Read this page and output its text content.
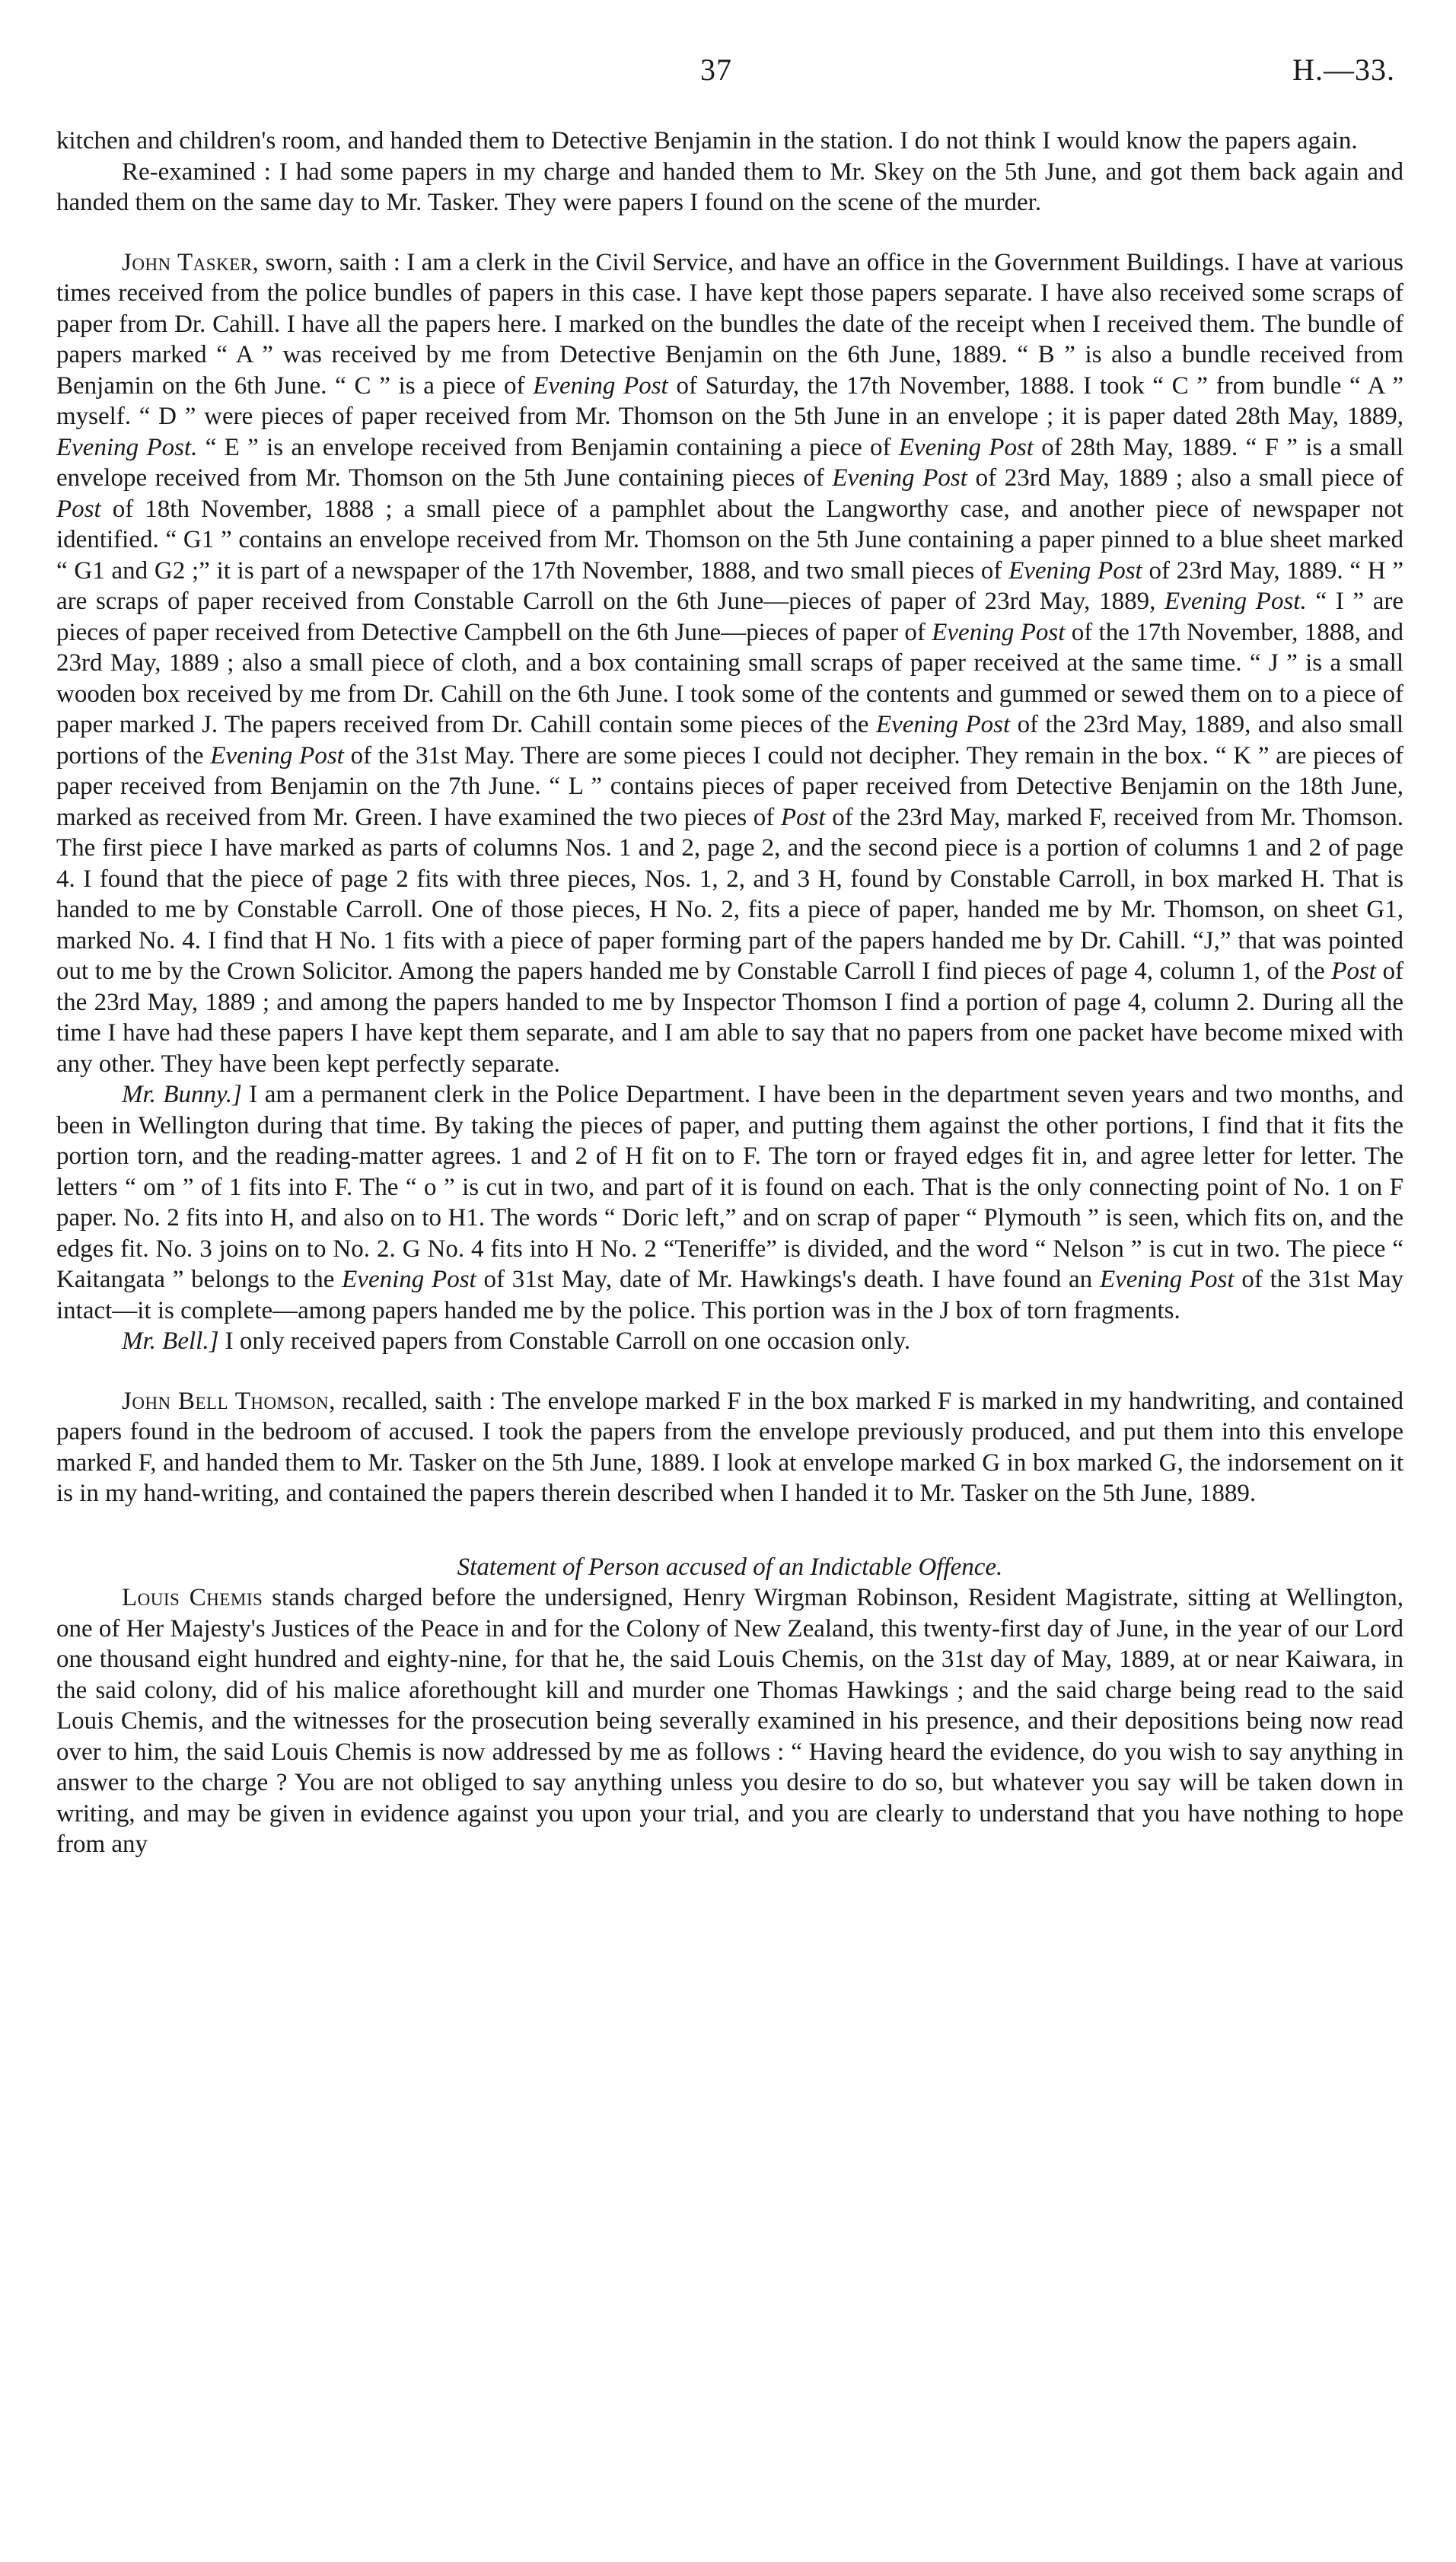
37	H.—33.

kitchen and children's room, and handed them to Detective Benjamin in the station. I do not think I would know the papers again.

Re-examined : I had some papers in my charge and handed them to Mr. Skey on the 5th June, and got them back again and handed them on the same day to Mr. Tasker. They were papers I found on the scene of the murder.

John Tasker, sworn, saith : I am a clerk in the Civil Service, and have an office in the Government Buildings. I have at various times received from the police bundles of papers in this case. I have kept those papers separate. I have also received some scraps of paper from Dr. Cahill. I have all the papers here. I marked on the bundles the date of the receipt when I received them. The bundle of papers marked “ A ” was received by me from Detective Benjamin on the 6th June, 1889. “ B ” is also a bundle received from Benjamin on the 6th June. “ C ” is a piece of Evening Post of Saturday, the 17th November, 1888. I took “ C ” from bundle “ A ” myself. “ D ” were pieces of paper received from Mr. Thomson on the 5th June in an envelope ; it is paper dated 28th May, 1889, Evening Post. “ E ” is an envelope received from Benjamin containing a piece of Evening Post of 28th May, 1889. “ F ” is a small envelope received from Mr. Thomson on the 5th June containing pieces of Evening Post of 23rd May, 1889 ; also a small piece of Post of 18th November, 1888 ; a small piece of a pamphlet about the Langworthy case, and another piece of newspaper not identified. “ G1 ” contains an envelope received from Mr. Thomson on the 5th June containing a paper pinned to a blue sheet marked “ G1 and G2 ;” it is part of a newspaper of the 17th November, 1888, and two small pieces of Evening Post of 23rd May, 1889. “ H ” are scraps of paper received from Constable Carroll on the 6th June—pieces of paper of 23rd May, 1889, Evening Post. “ I ” are pieces of paper received from Detective Campbell on the 6th June—pieces of paper of Evening Post of the 17th November, 1888, and 23rd May, 1889 ; also a small piece of cloth, and a box containing small scraps of paper received at the same time. “ J ” is a small wooden box received by me from Dr. Cahill on the 6th June. I took some of the contents and gummed or sewed them on to a piece of paper marked J. The papers received from Dr. Cahill contain some pieces of the Evening Post of the 23rd May, 1889, and also small portions of the Evening Post of the 31st May. There are some pieces I could not decipher. They remain in the box. “ K ” are pieces of paper received from Benjamin on the 7th June. “ L ” contains pieces of paper received from Detective Benjamin on the 18th June, marked as received from Mr. Green. I have examined the two pieces of Post of the 23rd May, marked F, received from Mr. Thomson. The first piece I have marked as parts of columns Nos. 1 and 2, page 2, and the second piece is a portion of columns 1 and 2 of page 4. I found that the piece of page 2 fits with three pieces, Nos. 1, 2, and 3 H, found by Constable Carroll, in box marked H. That is handed to me by Constable Carroll. One of those pieces, H No. 2, fits a piece of paper, handed me by Mr. Thomson, on sheet G1, marked No. 4. I find that H No. 1 fits with a piece of paper forming part of the papers handed me by Dr. Cahill. “J,” that was pointed out to me by the Crown Solicitor. Among the papers handed me by Constable Carroll I find pieces of page 4, column 1, of the Post of the 23rd May, 1889 ; and among the papers handed to me by Inspector Thomson I find a portion of page 4, column 2. During all the time I have had these papers I have kept them separate, and I am able to say that no papers from one packet have become mixed with any other. They have been kept perfectly separate.

Mr. Bunny.] I am a permanent clerk in the Police Department. I have been in the department seven years and two months, and been in Wellington during that time. By taking the pieces of paper, and putting them against the other portions, I find that it fits the portion torn, and the reading-matter agrees. 1 and 2 of H fit on to F. The torn or frayed edges fit in, and agree letter for letter. The letters “ om ” of 1 fits into F. The “ o ” is cut in two, and part of it is found on each. That is the only connecting point of No. 1 on F paper. No. 2 fits into H, and also on to H1. The words “ Doric left,” and on scrap of paper “ Plymouth ” is seen, which fits on, and the edges fit. No. 3 joins on to No. 2. G No. 4 fits into H No. 2 “Teneriffe” is divided, and the word “ Nelson ” is cut in two. The piece “ Kaitangata ” belongs to the Evening Post of 31st May, date of Mr. Hawkings's death. I have found an Evening Post of the 31st May intact—it is complete—among papers handed me by the police. This portion was in the J box of torn fragments.

Mr. Bell.] I only received papers from Constable Carroll on one occasion only.

John Bell Thomson, recalled, saith : The envelope marked F in the box marked F is marked in my handwriting, and contained papers found in the bedroom of accused. I took the papers from the envelope previously produced, and put them into this envelope marked F, and handed them to Mr. Tasker on the 5th June, 1889. I look at envelope marked G in box marked G, the indorsement on it is in my hand-writing, and contained the papers therein described when I handed it to Mr. Tasker on the 5th June, 1889.

Statement of Person accused of an Indictable Offence.

Louis Chemis stands charged before the undersigned, Henry Wirgman Robinson, Resident Magistrate, sitting at Wellington, one of Her Majesty's Justices of the Peace in and for the Colony of New Zealand, this twenty-first day of June, in the year of our Lord one thousand eight hundred and eighty-nine, for that he, the said Louis Chemis, on the 31st day of May, 1889, at or near Kaiwara, in the said colony, did of his malice aforethought kill and murder one Thomas Hawkings ; and the said charge being read to the said Louis Chemis, and the witnesses for the prosecution being severally examined in his presence, and their depositions being now read over to him, the said Louis Chemis is now addressed by me as follows : “ Having heard the evidence, do you wish to say anything in answer to the charge ? You are not obliged to say anything unless you desire to do so, but whatever you say will be taken down in writing, and may be given in evidence against you upon your trial, and you are clearly to understand that you have nothing to hope from any
